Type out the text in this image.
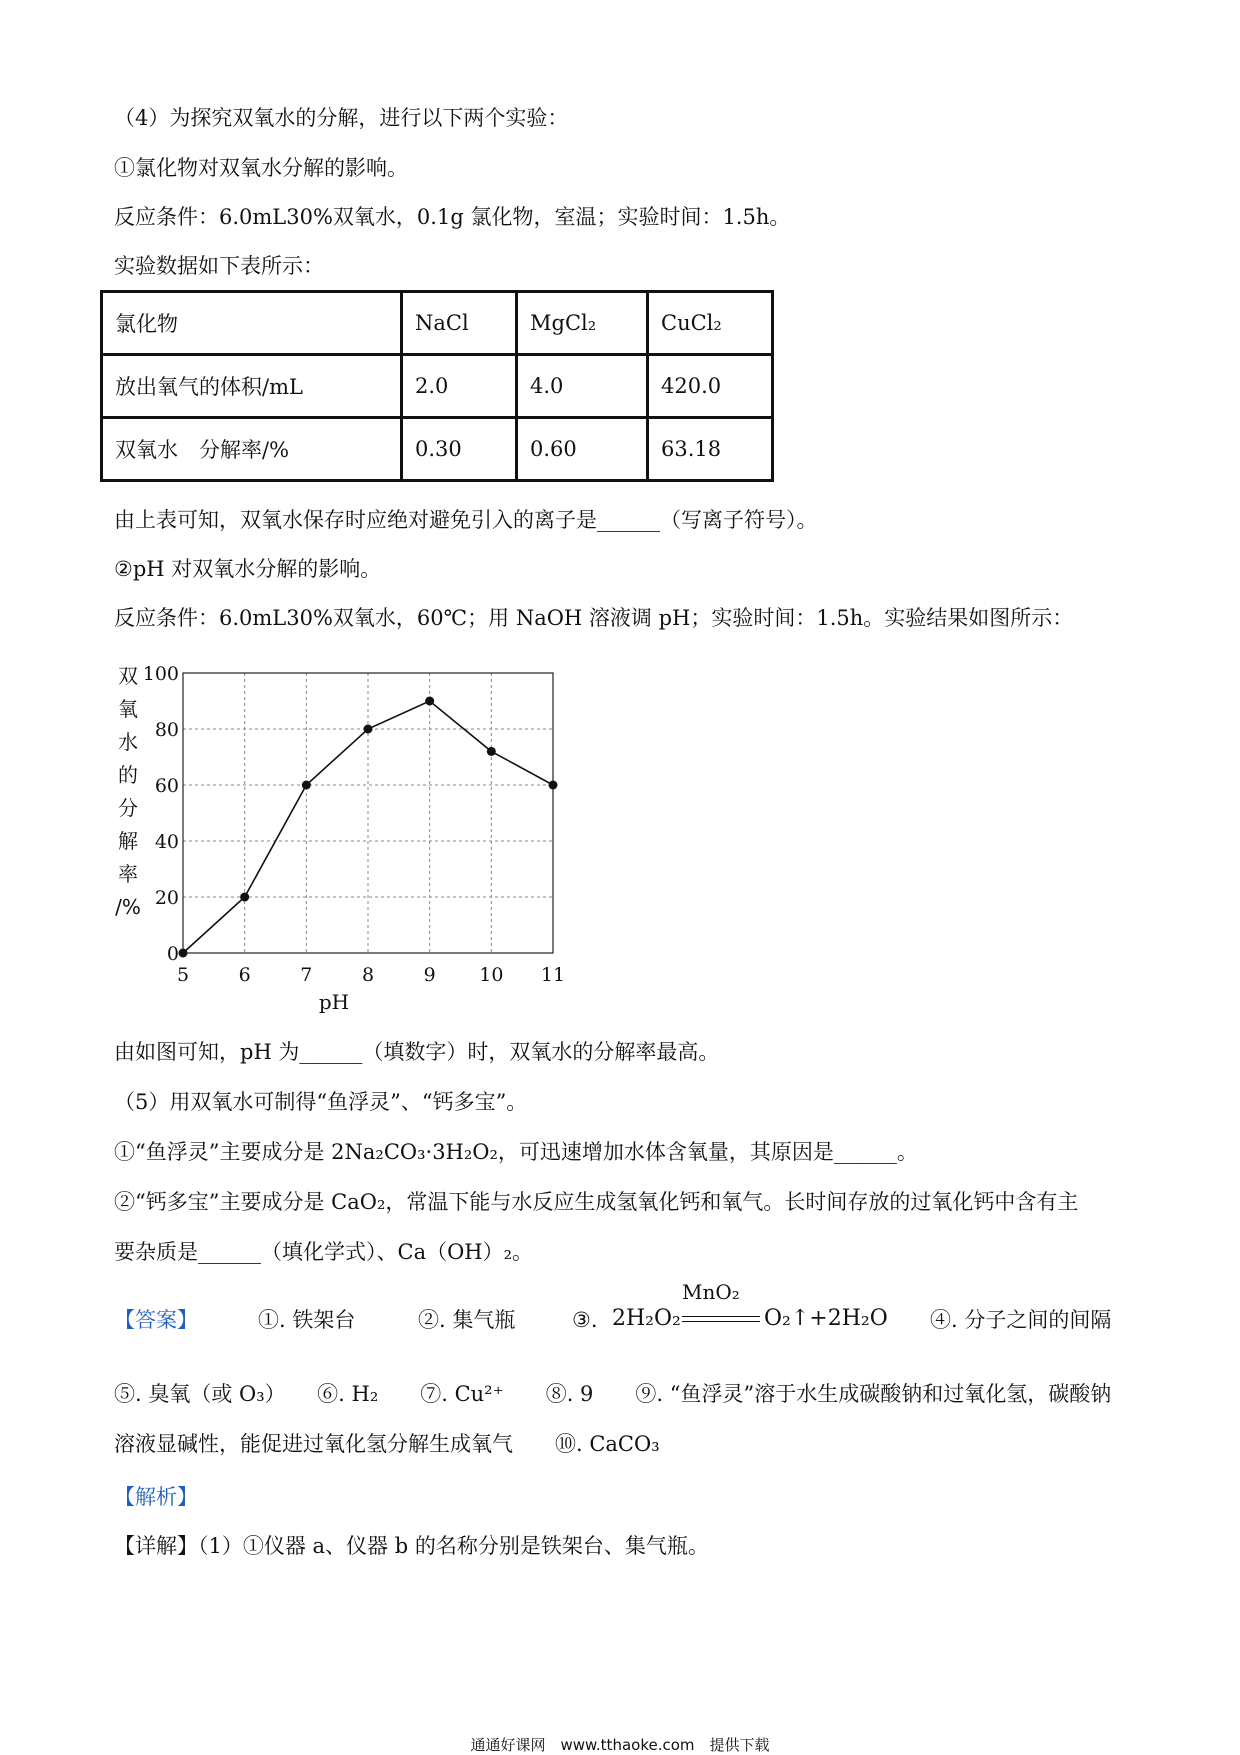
（4）为探究双氧水的分解，进行以下两个实验：
①氯化物对双氧水分解的影响。
反应条件：6.0mL30%双氧水，0.1g 氯化物，室温；实验时间：1.5h。
实验数据如下表所示：
氯化物	NaCl	MgCl₂	CuCl₂
放出氧气的体积/mL	2.0	4.0	420.0
双氧水　分解率/%	0.30	0.60	63.18
由上表可知，双氧水保存时应绝对避免引入的离子是______（写离子符号）。
②pH 对双氧水分解的影响。
反应条件：6.0mL30%双氧水，60℃；用 NaOH 溶液调 pH；实验时间：1.5h。实验结果如图所示：
0
20
40
60
80
100
5	6	7	8	9 10 11
pH
双
氧
水
的
分
解
率
/%
由如图可知，pH 为______（填数字）时，双氧水的分解率最高。
（5）用双氧水可制得“鱼浮灵”、“钙多宝”。
①“鱼浮灵”主要成分是 2Na₂CO₃·3H₂O₂，可迅速增加水体含氧量，其原因是______。
②“钙多宝”主要成分是 CaO₂，常温下能与水反应生成氢氧化钙和氧气。长时间存放的过氧化钙中含有主
要杂质是______（填化学式）、Ca（OH）₂。
【答案】	①. 铁架台	②. 集气瓶	③. 2H₂O₂
MnO₂
O₂↑+2H₂O ④. 分子之间的间隔
⑤. 臭氧（或 O₃）　　⑥. H₂　　⑦. Cu²⁺　　⑧. 9　　⑨. “鱼浮灵”溶于水生成碳酸钠和过氧化氢，碳酸钠
溶液显碱性，能促进过氧化氢分解生成氧气　　⑩. CaCO₃
【解析】
【详解】（1）①仪器 a、仪器 b 的名称分别是铁架台、集气瓶。
通通好课网　www.tthaoke.com　提供下载
